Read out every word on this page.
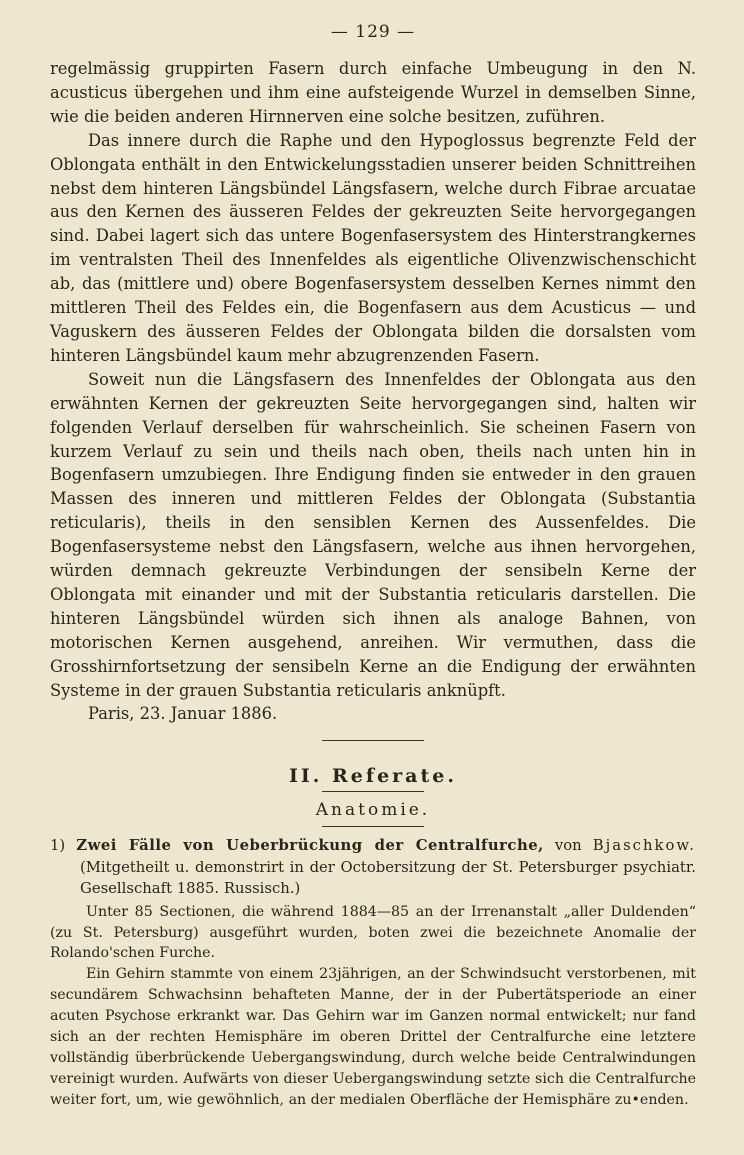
— 129 —

regelmässig gruppirten Fasern durch einfache Umbeugung in den N. acusticus übergehen und ihm eine aufsteigende Wurzel in demselben Sinne, wie die beiden anderen Hirnnerven eine solche besitzen, zuführen.

Das innere durch die Raphe und den Hypoglossus begrenzte Feld der Oblongata enthält in den Entwickelungsstadien unserer beiden Schnittreihen nebst dem hinteren Längsbündel Längsfasern, welche durch Fibrae arcuatae aus den Kernen des äusseren Feldes der gekreuzten Seite hervorgegangen sind. Dabei lagert sich das untere Bogenfasersystem des Hinterstrangkernes im ventralsten Theil des Innenfeldes als eigentliche Olivenzwischenschicht ab, das (mittlere und) obere Bogenfasersystem desselben Kernes nimmt den mittleren Theil des Feldes ein, die Bogenfasern aus dem Acusticus — und Vaguskern des äusseren Feldes der Oblongata bilden die dorsalsten vom hinteren Längsbündel kaum mehr abzugrenzenden Fasern.

Soweit nun die Längsfasern des Innenfeldes der Oblongata aus den erwähnten Kernen der gekreuzten Seite hervorgegangen sind, halten wir folgenden Verlauf derselben für wahrscheinlich. Sie scheinen Fasern von kurzem Verlauf zu sein und theils nach oben, theils nach unten hin in Bogenfasern umzubiegen. Ihre Endigung finden sie entweder in den grauen Massen des inneren und mittleren Feldes der Oblongata (Substantia reticularis), theils in den sensiblen Kernen des Aussenfeldes. Die Bogenfasersysteme nebst den Längsfasern, welche aus ihnen hervorgehen, würden demnach gekreuzte Verbindungen der sensibeln Kerne der Oblongata mit einander und mit der Substantia reticularis darstellen. Die hinteren Längsbündel würden sich ihnen als analoge Bahnen, von motorischen Kernen ausgehend, anreihen. Wir vermuthen, dass die Grosshirnfortsetzung der sensibeln Kerne an die Endigung der erwähnten Systeme in der grauen Substantia reticularis anknüpft.

Paris, 23. Januar 1886.

II. Referate.
Anatomie.

1) Zwei Fälle von Ueberbrückung der Centralfurche, von Bjaschkow. (Mitgetheilt u. demonstrirt in der Octobersitzung der St. Petersburger psychiatr. Gesellschaft 1885. Russisch.)

Unter 85 Sectionen, die während 1884—85 an der Irrenanstalt „aller Duldenden“ (zu St. Petersburg) ausgeführt wurden, boten zwei die bezeichnete Anomalie der Rolando'schen Furche.

Ein Gehirn stammte von einem 23jährigen, an der Schwindsucht verstorbenen, mit secundärem Schwachsinn behafteten Manne, der in der Pubertätsperiode an einer acuten Psychose erkrankt war. Das Gehirn war im Ganzen normal entwickelt; nur fand sich an der rechten Hemisphäre im oberen Drittel der Centralfurche eine letztere vollständig überbrückende Uebergangswindung, durch welche beide Centralwindungen vereinigt wurden. Aufwärts von dieser Uebergangswindung setzte sich die Centralfurche weiter fort, um, wie gewöhnlich, an der medialen Oberfläche der Hemisphäre zu•enden.
